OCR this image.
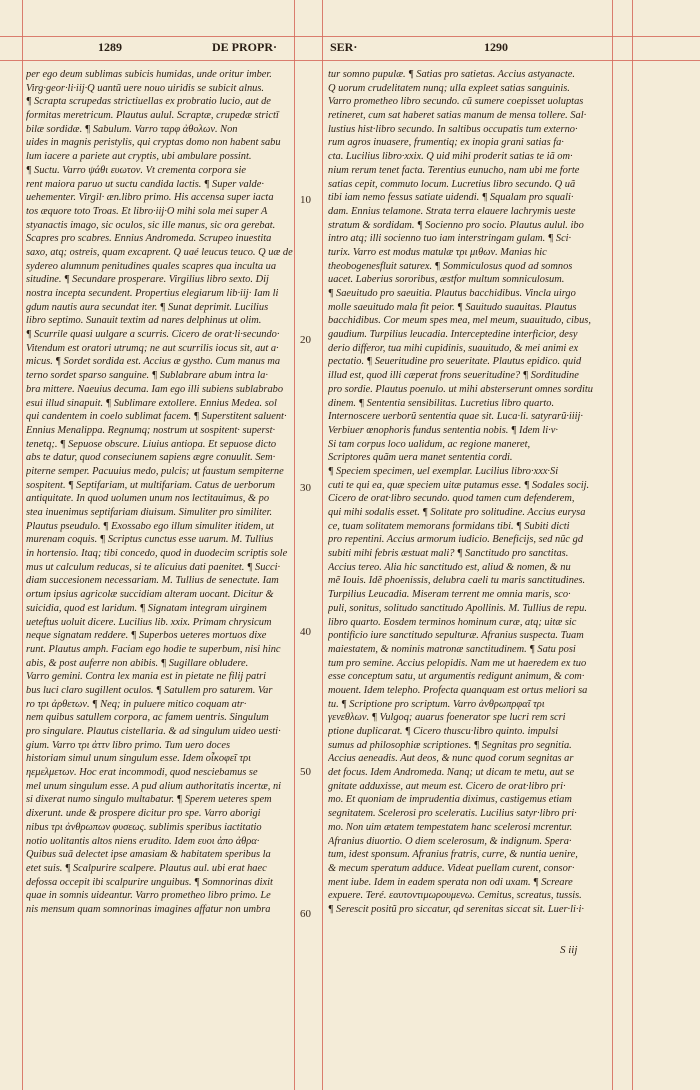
1289	DE PROPR·	SER·	1290
per ego deum sublimas subicis humidas, unde oritur imber.
Virg·geor·li·iij·Q uantũ uere nouo uiridis se subicit alnus.
¶ Scrapta scrupedas strictiuellas ex probratio lucio, aut de
formitas meretricum. Plautus aulul. Scraptæ, crupedæ strictī
bilæ sordidæ. ¶ Sabulum. Varro ταρφ ἀθολων. Non
uides in magnis peristylis, qui cryptas domo non habent sabu
lum iacere a pariete aut cryptis, ubi ambulare possint.
¶ Suctu. Varro ψάθι ευωτον. Vt crementa corpora sie
rent maiora paruo ut suctu candida lactis. ¶ Super valde·
uehementer. Virgil· æn.libro primo. His accensa super iacta
tos æquore toto Troas. Et libro·iij·O mihi sola mei super A
styanactis imago, sic oculos, sic ille manus, sic ora gerebat.
Scapres pro scabres. Ennius Andromeda. Scrupeo inuestita
saxo, atq; ostreis, quam excaprent. Q uaé leucus teuco. Q uæ de
sydereo alumnum penitudines quales scapres qua inculta ua
situdine. ¶ Secundare prosperare. Virgilius libro sexto. Dij
nostra incepta secundent. Propertius elegiarum lib·iij· Iam li
gdum nautis aura secundat iter. ¶ Sunat deprimit. Lucilius
libro septimo. Sunauit textim ad nares delphinus ut olim.
¶ Scurrile quasi uulgare a scurris. Cicero de orat·li·secundo·
Vitendum est oratori utrumq; ne aut scurrilis iocus sit, aut a·
micus. ¶ Sordet sordida est. Accius æ gystho. Cum manus ma
terno sordet sparso sanguine. ¶ Sublabrare abum intra la·
bra mittere. Naeuius decuma. Iam ego illi subiens sublabrabo
esui illud sinapuit. ¶ Sublimare extollere. Ennius Medea. sol
qui candentem in coelo sublimat facem. ¶ Superstitent saluent·
Ennius Menalippa. Regnumq; nostrum ut sospitent· superst·
tenetq;. ¶ Sepuose obscure. Liuius antiopa. Et sepuose dicto
abs te datur, quod conseciunem sapiens ægre conuulit. Sem·
piterne semper. Pacuuius medo, pulcis; ut faustum sempiterne
sospitent. ¶ Septifariam, ut multifariam. Catus de uerborum
antiquitate. In quod uolumen unum nos lectitauimus, & po
stea inuenimus septifariam diuisum. Simuliter pro similiter.
Plautus pseudulo. ¶ Exossabo ego illum simuliter itidem, ut
murenam coquis. ¶ Scriptus cunctus esse uarum. M. Tullius
in hortensio. Itaq; tibi concedo, quod in duodecim scriptis sole
mus ut calculum reducas, si te alicuius dati paenitet. ¶ Succi·
diam succesionem necessariam. M. Tullius de senectute. Iam
ortum ipsius agricolæ succidiam alteram uocant. Dicitur &
suicidia, quod est laridum. ¶ Signatam integram uirginem
ueteftus uoluit dicere. Lucilius lib. xxix. Primam chrysicum
neque signatam reddere. ¶ Superbos ueteres mortuos dixe
runt. Plautus amph. Faciam ego hodie te superbum, nisi hinc
abis, & post auferre non abibis. ¶ Sugillare obludere.
Varro gemini. Contra lex mania est in pietate ne filij patri
bus luci claro sugillent oculos. ¶ Satullem pro saturem. Var
ro τρι ἀρθετων. ¶ Neq; in puluere mitico coquam atr·
nem quibus satullem corpora, ac famem uentris. Singulum
pro singulare. Plautus cistellaria. & ad singulum uideo uesti·
gium. Varro τρι ἀττν libro primo. Tum uero doces
historiam simul unum singulum esse. Idem oἶκοφεῖ τρι
ηεμελμετων. Hoc erat incommodi, quod nesciebamus se
mel unum singulum esse. A pud alium authoritatis incertæ, ni
si dixerat numo singulo multabatur. ¶ Sperem ueteres spem
dixerunt. unde & prospere dicitur pro spe. Varro aborigi
nibus τρι ἀνθρωπων φυσεως. sublimis speribus iactitatio
notio uolitantis altos niens erudito. Idem ευοι ἀπο ἀθρα·
Quibus suã delectet ipse amasiam & habitatem speribus la
etet suis. ¶ Scalpurire scalpere. Plautus aul. ubi erat haec
defossa occepit ibi scalpurire unguibus. ¶ Somnorinas dixit
quae in somnis uideantur. Varro prometheo libro primo. Le
nis mensum quam somnorinas imagines affatur non umbra
tur somno pupulæ. ¶ Satias pro satietas. Accius astyanacte.
Q uorum crudelitatem nunq; ulla expleet satias sanguinis.
Varro prometheo libro secundo. cũ sumere coepisset uoluptas
retineret, cum sat haberet satias manum de mensa tollere. Sal·
lustius hist·libro secundo. In saltibus occupatis tum externo·
rum agros inuasere, frumentiq; ex inopia grani satias fa·
cta. Lucilius libro·xxix. Q uid mihi proderit satias te iã om·
nium rerum tenet facta. Terentius eunucho, nam ubi me forte
satias cepit, commuto locum. Lucretius libro secundo. Q uã
tibi iam nemo fessus satiate uidendi. ¶ Squalam pro squali·
dam. Ennius telamone. Strata terra elauere lachrymis ueste
stratum & sordidam. ¶ Socienno pro socio. Plautus aulul. ibo
intro atq; illi socienno tuo iam interstringam gulam. ¶ Sci·
turix. Varro est modus matulæ τρι μιθων. Manias hic
theobogenesfluit saturex. ¶ Sommiculosus quod ad somnos
uacet. Laberius sororibus, æstfor multum somniculosum.
¶ Saeuitudo pro saeuitia. Plautus bacchidibus. Vincla uirgo
molle saeuitudo mala fit peior. ¶ Sauitudo suauitas. Plautus
bacchidibus. Cor meum spes mea, mel meum, suauitudo, cibus,
gaudium. Turpilius leucadia. Interceptedine interficior, desy
derio differor, tua mihi cupidinis, suauitudo, & mei animi ex
pectatio. ¶ Seueritudine pro seueritate. Plautus epidico. quid
illud est, quod illi cæperat frons seueritudine? ¶ Sorditudine
pro sordie. Plautus poenulo. ut mihi absterserunt omnes sorditu
dinem. ¶ Sententia sensibilitas. Lucretius libro quarto.
Internoscere uerborũ sententia quae sit. Luca·li. satyrarũ·iiij·
Verbiuer œnophoris fundus sententia nobis. ¶ Idem li·v·
Si tam corpus loco ualidum, ac regione maneret,
Scriptores quãm uera manet sententia cordi.
¶ Speciem specimen, uel exemplar. Lucilius libro·xxx·Si
cuti te qui ea, quæ speciem uitæ putamus esse. ¶ Sodales socij.
Cicero de orat·libro secundo. quod tamen cum defenderem,
qui mihi sodalis esset. ¶ Solitate pro solitudine. Accius eurysa
ce, tuam solitatem memorans formidans tibi. ¶ Subiti dicti
pro repentini. Accius armorum iudicio. Beneficijs, sed nũc gd
subiti mihi febris æstuat mali? ¶ Sanctitudo pro sanctitas.
Accius tereo. Alia hic sanctitudo est, aliud & nomen, & nu
mẽ Iouis. Idẽ phoenissis, delubra caeli tu maris sanctitudines.
Turpilius Leucadia. Miseram terrent me omnia maris, sco·
puli, sonitus, solitudo sanctitudo Apollinis. M. Tullius de repu.
libro quarto. Eosdem terminos hominum curæ, atq; uitæ sic
pontificio iure sanctitudo sepulturæ. Afranius suspecta. Tuam
maiestatem, & nominis matronæ sanctitudinem. ¶ Satu posi
tum pro semine. Accius pelopidis. Nam me ut haeredem ex tuo
esse conceptum satu, ut argumentis redigunt animum, & com·
mouent. Idem telepho. Profecta quanquam est ortus meliori sa
tu. ¶ Scriptione pro scriptum. Varro ἀνθρωπρφαῖ τρι
γενεθλων. ¶ Vulgoq; auarus foenerator spe lucri rem scri
ptione duplicarat. ¶ Cicero thuscu·libro quinto. impulsi
sumus ad philosophiæ scriptiones. ¶ Segnitas pro segnitia.
Accius aeneadis. Aut deos, & nunc quod corum segnitas ar
det focus. Idem Andromeda. Nanq; ut dicam te metu, aut se
gnitate adduxisse, aut meum est. Cicero de orat·libro pri·
mo. Et quoniam de imprudentia diximus, castigemus etiam
segnitatem. Scelerosi pro sceleratis. Lucilius satyr·libro pri·
mo. Non uim ætatem tempestatem hanc scelerosi mcrentur.
Afranius diuortio. O diem scelerosum, & indignum. Spera·
tum, idest sponsum. Afranius fratris, curre, & nuntia uenire,
& mecum speratum adduce. Videat puellam curent, consor·
ment iube. Idem in eadem sperata non odi uxam. ¶ Screare
expuere. Teré. εαυτοντιμωρουμενω. Cemitus, screatus, tussis.
¶ Serescit positũ pro siccatur, qd serenitas siccat sit. Luer·li·i·
10
20
30
40
50
60
S iij
